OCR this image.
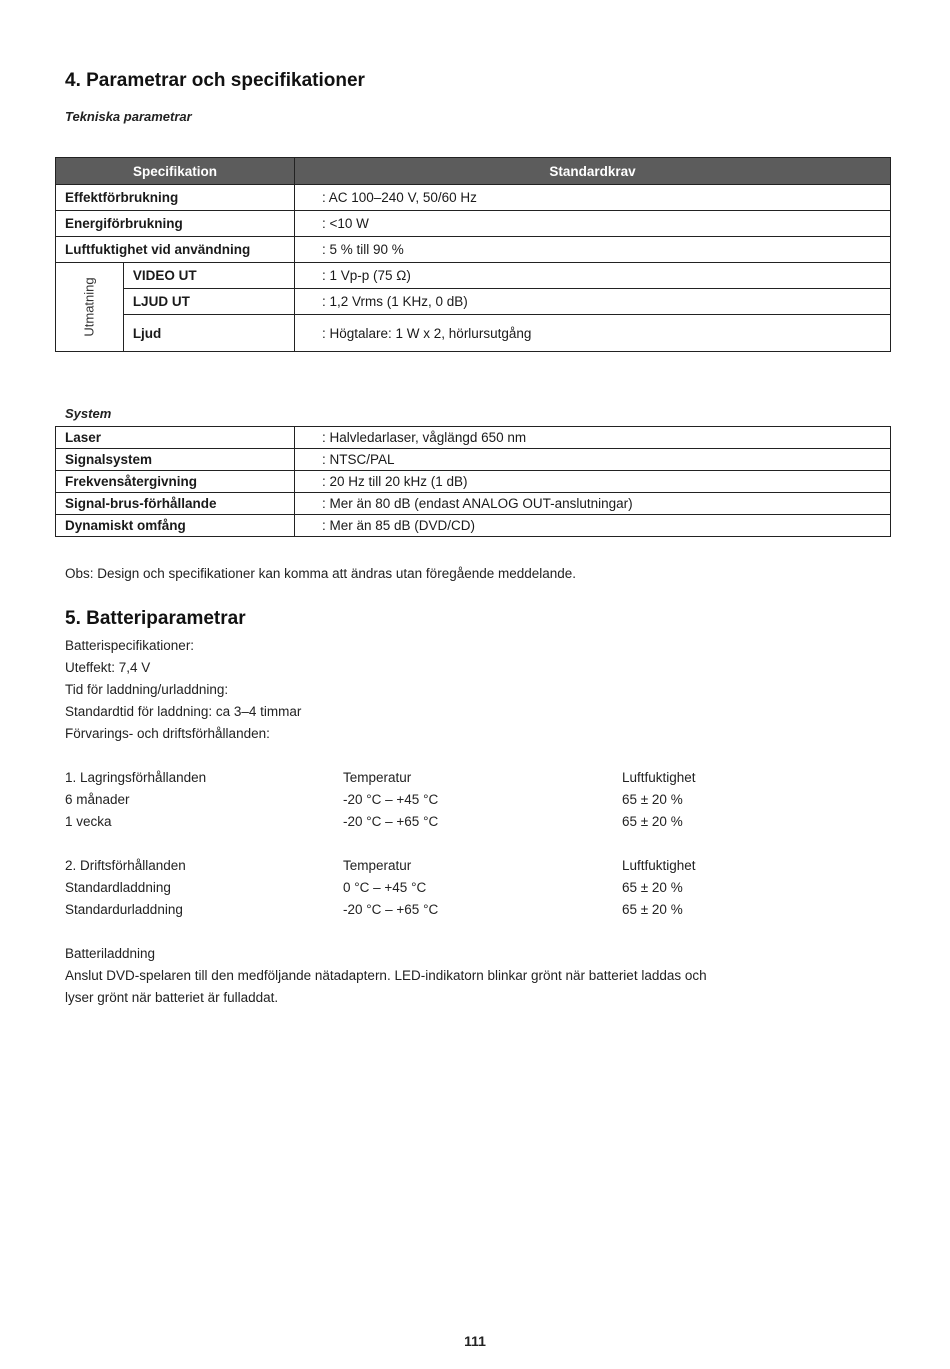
4. Parametrar och specifikationer
Tekniska parametrar
Specifikation		Standardkrav
Effektförbrukning		: AC 100–240 V, 50/60 Hz
Energiförbrukning		: <10 W
Luftfuktighet vid användning		: 5 % till 90 %

Utmatning	VIDEO UT	: 1 Vp-p (75 Ω)
	LJUD UT	: 1,2 Vrms (1 KHz, 0 dB)
	Ljud	: Högtalare: 1 W x 2, hörlursutgång
System
Laser	: Halvledarlaser, våglängd 650 nm
Signalsystem	: NTSC/PAL
Frekvensåtergivning	: 20 Hz till 20 kHz (1 dB)
Signal-brus-förhållande	: Mer än 80 dB (endast ANALOG OUT-anslutningar)
Dynamiskt omfång	: Mer än 85 dB (DVD/CD)

Obs: Design och specifikationer kan komma att ändras utan föregående meddelande.

5. Batteriparametrar

Batterispecifikationer:

Uteffekt: 7,4 V

Tid för laddning/urladdning:

Standardtid för laddning: ca 3–4 timmar

Förvarings- och driftsförhållanden:

1. Lagringsförhållanden	Temperatur	Luftfuktighet
6 månader	-20 °C – +45 °C	65 ± 20 %
1 vecka	-20 °C – +65 °C	65 ± 20 %
2. Driftsförhållanden	Temperatur	Luftfuktighet
Standardladdning	0 °C – +45 °C	65 ± 20 %
Standardurladdning	-20 °C – +65 °C	65 ± 20 %

Batteriladdning

Anslut DVD-spelaren till den medföljande nätadaptern. LED-indikatorn blinkar grönt när batteriet laddas och

lyser grönt när batteriet är fulladdat.

111
